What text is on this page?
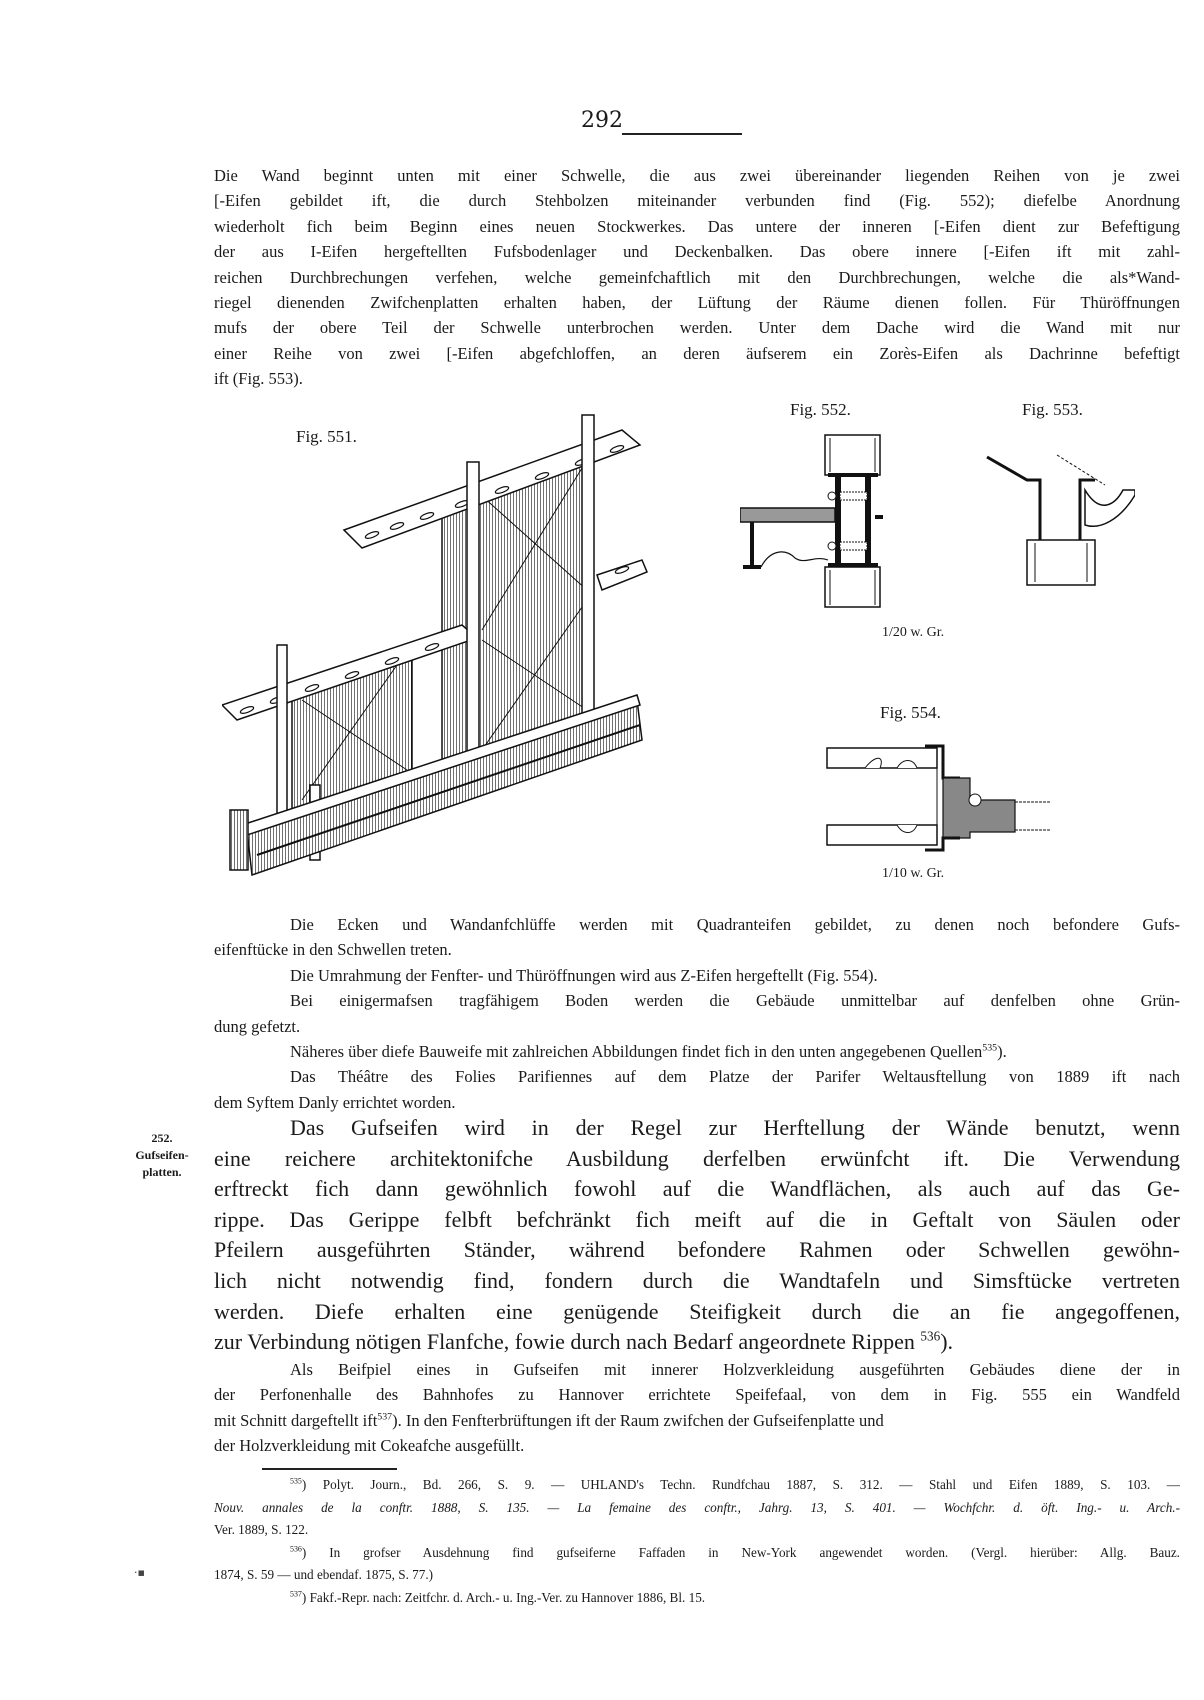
292
Die Wand beginnt unten mit einer Schwelle, die aus zwei übereinander liegenden Reihen von je zwei
[-Eifen gebildet ift, die durch Stehbolzen miteinander verbunden find (Fig. 552); diefelbe Anordnung
wiederholt fich beim Beginn eines neuen Stockwerkes. Das untere der inneren [-Eifen dient zur Befeftigung
der aus I-Eifen hergeftellten Fufsbodenlager und Deckenbalken. Das obere innere [-Eifen ift mit zahl-
reichen Durchbrechungen verfehen, welche gemeinfchaftlich mit den Durchbrechungen, welche die als*Wand-
riegel dienenden Zwifchenplatten erhalten haben, der Lüftung der Räume dienen follen. Für Thüröffnungen
mufs der obere Teil der Schwelle unterbrochen werden. Unter dem Dache wird die Wand mit nur
einer Reihe von zwei [-Eifen abgefchloffen, an deren äufserem ein Zorès-Eifen als Dachrinne befeftigt
ift (Fig. 553).
Fig. 551.
Fig. 552.	Fig. 553.
1/20 w. Gr.
Fig. 554.
1/10 w. Gr.
Die Ecken und Wandanfchlüffe werden mit Quadranteifen gebildet, zu denen noch befondere Gufs-
eifenftücke in den Schwellen treten.
Die Umrahmung der Fenfter- und Thüröffnungen wird aus Z-Eifen hergeftellt (Fig. 554).
Bei einigermafsen tragfähigem Boden werden die Gebäude unmittelbar auf denfelben ohne Grün-
dung gefetzt.
Näheres über diefe Bauweife mit zahlreichen Abbildungen findet fich in den unten angegebenen Quellen$^{535}$).
Das Théâtre des Folies Parifiennes auf dem Platze der Parifer Weltausftellung von 1889 ift nach
dem Syftem Danly errichtet worden.
252.
Gufseifen-
platten.
Das Gufseifen wird in der Regel zur Herftellung der Wände benutzt, wenn
eine reichere architektonifche Ausbildung derfelben erwünfcht ift. Die Verwendung
erftreckt fich dann gewöhnlich fowohl auf die Wandflächen, als auch auf das Ge-
rippe. Das Gerippe felbft befchränkt fich meift auf die in Geftalt von Säulen oder
Pfeilern ausgeführten Ständer, während befondere Rahmen oder Schwellen gewöhn-
lich nicht notwendig find, fondern durch die Wandtafeln und Simsftücke vertreten
werden. Diefe erhalten eine genügende Steifigkeit durch die an fie angegoffenen,
zur Verbindung nötigen Flanfche, fowie durch nach Bedarf angeordnete Rippen $^{536}$).
Als Beifpiel eines in Gufseifen mit innerer Holzverkleidung ausgeführten Gebäudes diene der in
der Perfonenhalle des Bahnhofes zu Hannover errichtete Speifefaal, von dem in Fig. 555 ein Wandfeld
mit Schnitt dargeftellt ift$^{537}$). In den Fenfterbrüftungen ift der Raum zwifchen der Gufseifenplatte und
der Holzverkleidung mit Cokeafche ausgefüllt.
$^{535}$) Polyt. Journ., Bd. 266, S. 9. — UHLAND's Techn. Rundfchau 1887, S. 312. — Stahl und Eifen 1889, S. 103. —
Nouv. annales de la conftr. 1888, S. 135. — La femaine des conftr., Jahrg. 13, S. 401. — Wochfchr. d. öft. Ing.- u. Arch.-
Ver. 1889, S. 122.
$^{536}$) In grofser Ausdehnung find gufseiferne Faffaden in New-York angewendet worden. (Vergl. hierüber: Allg. Bauz.
1874, S. 59 — und ebendaf. 1875, S. 77.)
$^{537}$) Fakf.-Repr. nach: Zeitfchr. d. Arch.- u. Ing.-Ver. zu Hannover 1886, Bl. 15.
·▪
